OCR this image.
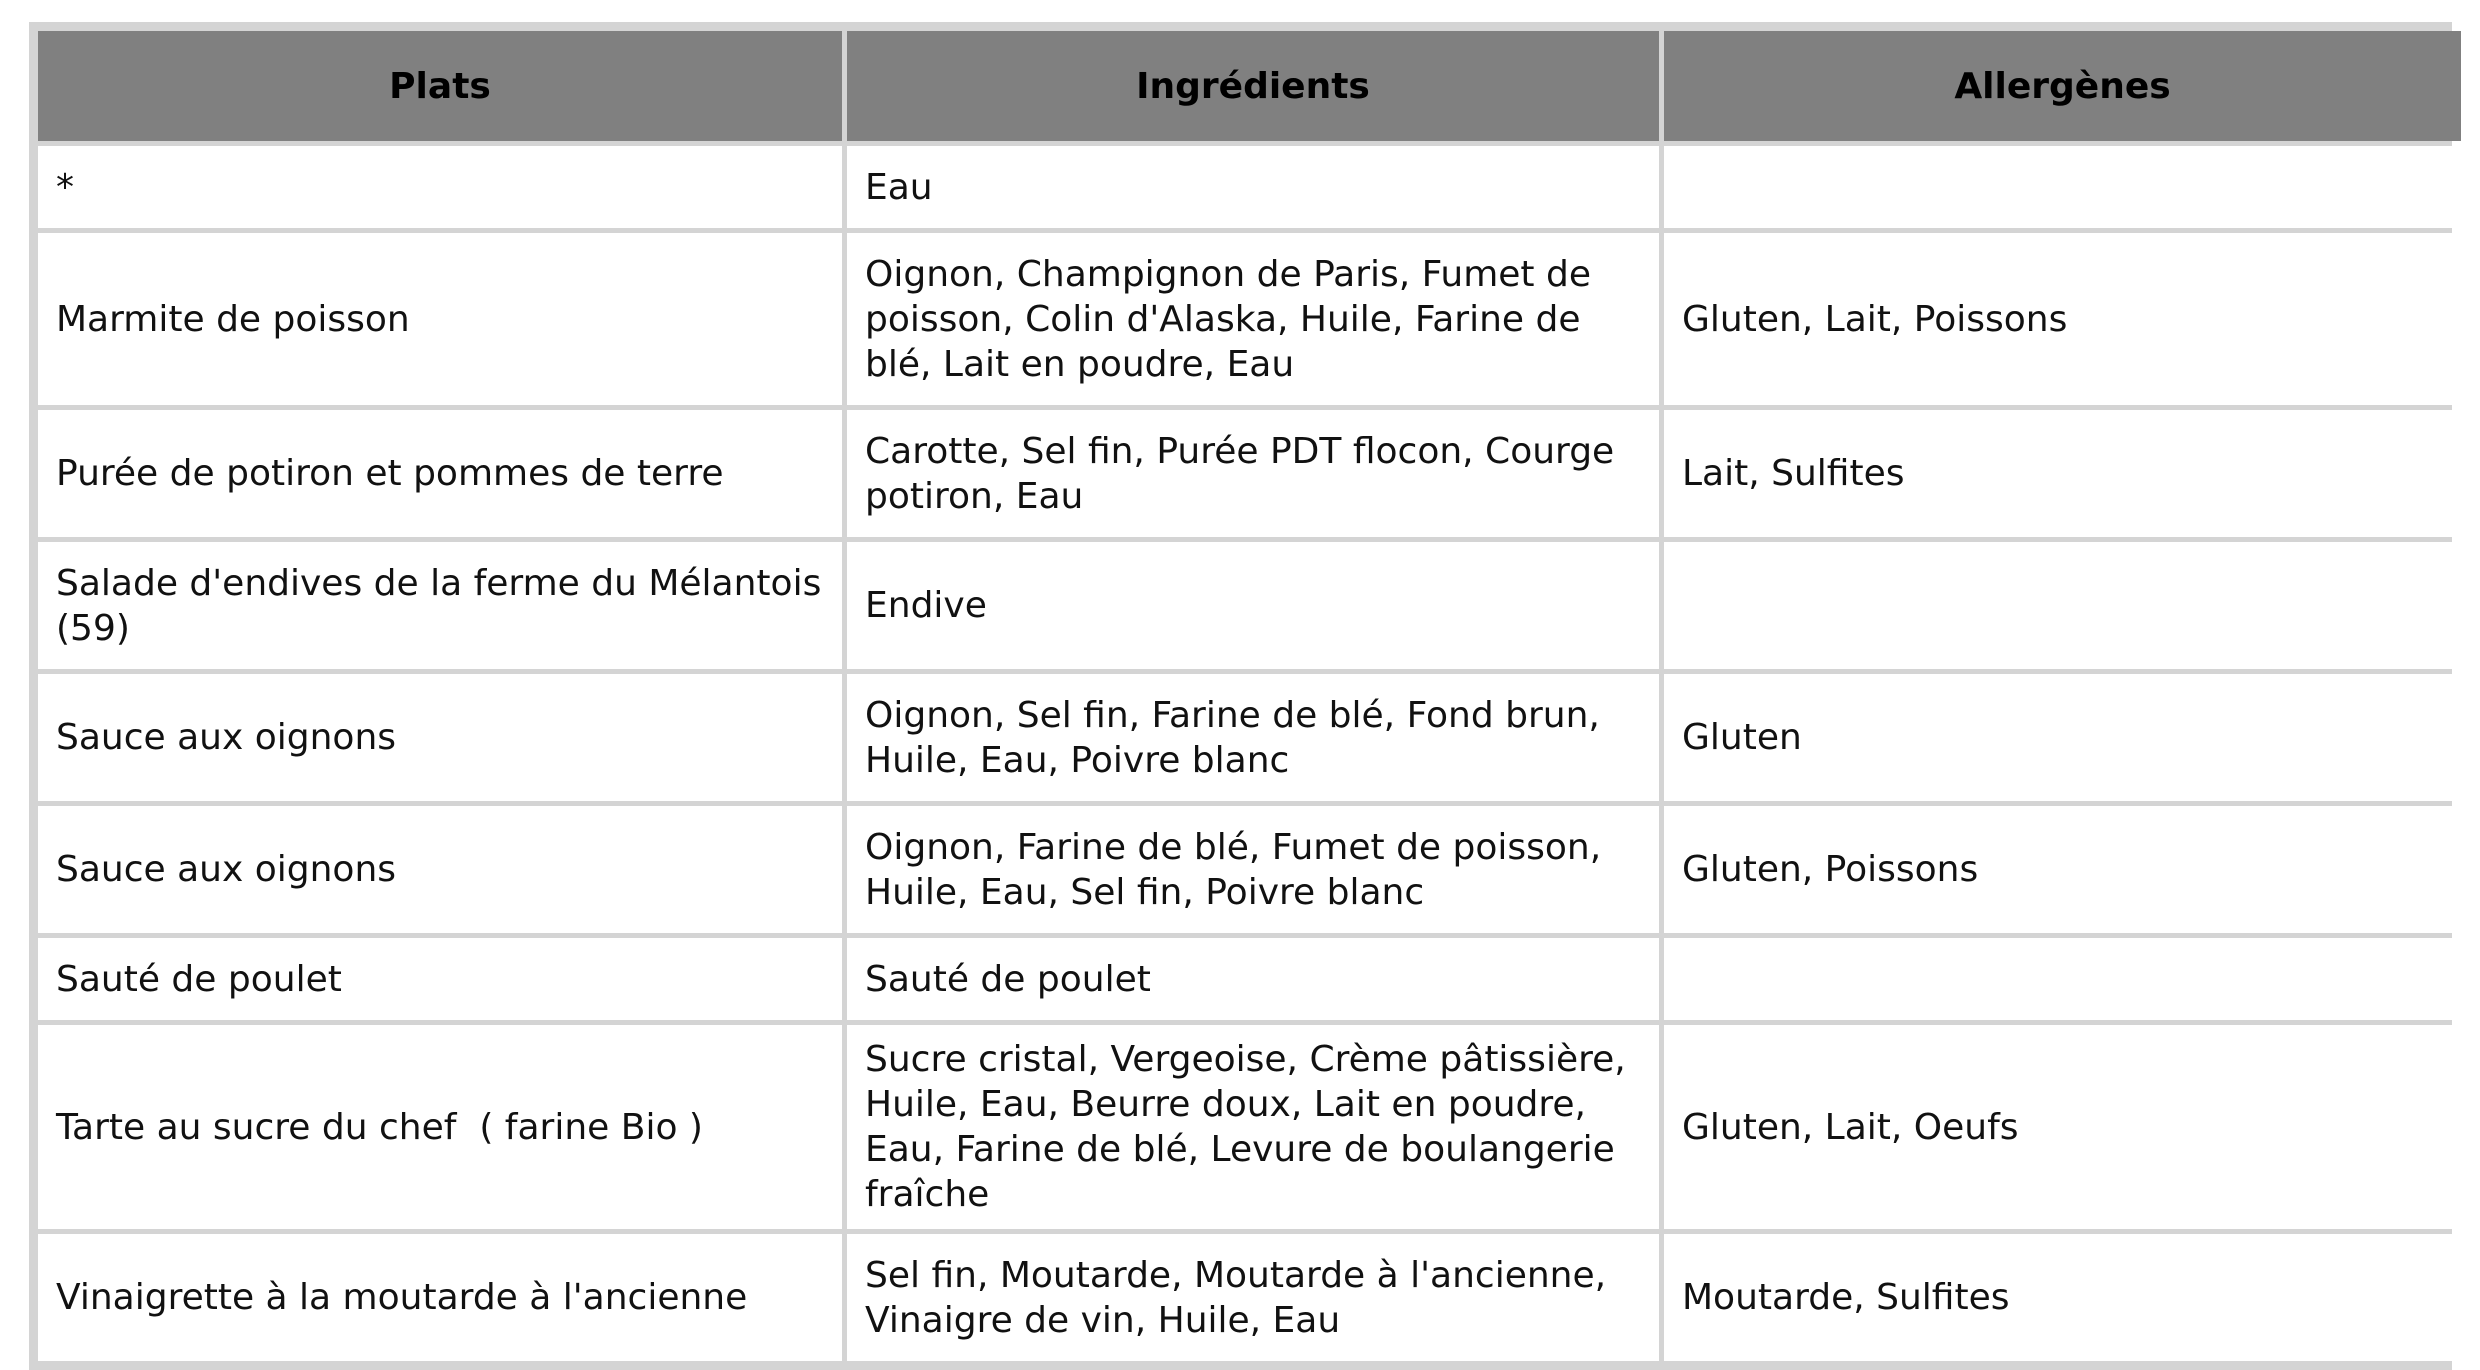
Plats	Ingrédients	Allergènes
*	Eau	
Marmite de poisson	Oignon, Champignon de Paris, Fumet de poisson, Colin d'Alaska, Huile, Farine de blé, Lait en poudre, Eau	Gluten, Lait, Poissons
Purée de potiron et pommes de terre	Carotte, Sel fin, Purée PDT flocon, Courge potiron, Eau	Lait, Sulfites
Salade d'endives de la ferme du Mélantois (59)	Endive	
Sauce aux oignons	Oignon, Sel fin, Farine de blé, Fond brun, Huile, Eau, Poivre blanc	Gluten
Sauce aux oignons	Oignon, Farine de blé, Fumet de poisson, Huile, Eau, Sel fin, Poivre blanc	Gluten, Poissons
Sauté de poulet	Sauté de poulet	
Tarte au sucre du chef  ( farine Bio )	Sucre cristal, Vergeoise, Crème pâtissière, Huile, Eau, Beurre doux, Lait en poudre, Eau, Farine de blé, Levure de boulangerie fraîche	Gluten, Lait, Oeufs
Vinaigrette à la moutarde à l'ancienne	Sel fin, Moutarde, Moutarde à l'ancienne, Vinaigre de vin, Huile, Eau	Moutarde, Sulfites
